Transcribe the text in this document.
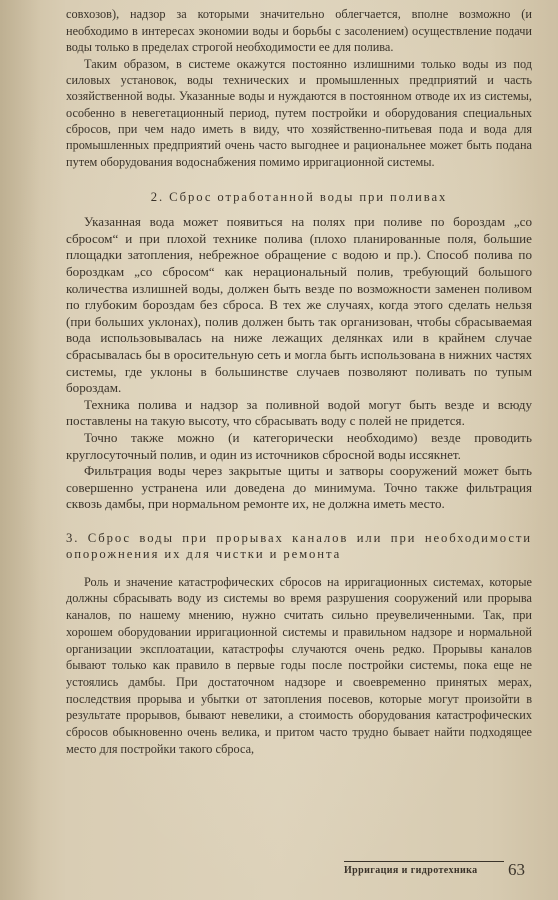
совхозов), надзор за которыми значительно облегчается, вполне возможно (и необходимо в интересах экономии воды и борьбы с засолением) осуществление подачи воды только в пределах строгой необходимости ее для полива.

Таким образом, в системе окажутся постоянно излишними только воды из под силовых установок, воды технических и промышленных предприятий и часть хозяйственной воды. Указанные воды и нуждаются в постоянном отводе их из системы, особенно в невегетационный период, путем постройки и оборудования специальных сбросов, при чем надо иметь в виду, что хозяйственно-питьевая пода и вода для промышленных предприятий очень часто выгоднее и рациональнее может быть подана путем оборудования водоснабжения помимо ирригационной системы.

2. Сброс отработанной воды при поливах

Указанная вода может появиться на полях при поливе по бороздам „со сбросом“ и при плохой технике полива (плохо планированные поля, большие площадки затопления, небрежное обращение с водою и пр.). Способ полива по бороздкам „со сбросом“ как нерациональный полив, требующий большого количества излишней воды, должен быть везде по возможности заменен поливом по глубоким бороздам без сброса. В тех же случаях, когда этого сделать нельзя (при больших уклонах), полив должен быть так организован, чтобы сбрасываемая вода использовывалась на ниже лежащих делянках или в крайнем случае сбрасывалась бы в оросительную сеть и могла быть использована в нижних частях системы, где уклоны в большинстве случаев позволяют поливать по тупым бороздам.

Техника полива и надзор за поливной водой могут быть везде и всюду поставлены на такую высоту, что сбрасывать воду с полей не придется.

Точно также можно (и категорически необходимо) везде проводить круглосуточный полив, и один из источников сбросной воды иссякнет.

Фильтрация воды через закрытые щиты и затворы сооружений может быть совершенно устранена или доведена до минимума. Точно также фильтрация сквозь дамбы, при нормальном ремонте их, не должна иметь место.

3. Сброс воды при прорывах каналов или при необходимости опорожнения их для чистки и ремонта

Роль и значение катастрофических сбросов на ирригационных системах, которые должны сбрасывать воду из системы во время разрушения сооружений или прорыва каналов, по нашему мнению, нужно считать сильно преувеличенными. Так, при хорошем оборудовании ирригационной системы и правильном надзоре и нормальной организации эксплоатации, катастрофы случаются очень редко. Прорывы каналов бывают только как правило в первые годы после постройки системы, пока еще не устоялись дамбы. При достаточном надзоре и своевременно принятых мерах, последствия прорыва и убытки от затопления посевов, которые могут произойти в результате прорывов, бывают невелики, а стоимость оборудования катастрофических сбросов обыкновенно очень велика, и притом часто трудно бывает найти подходящее место для постройки такого сброса,

Ирригация и гидротехника 63
